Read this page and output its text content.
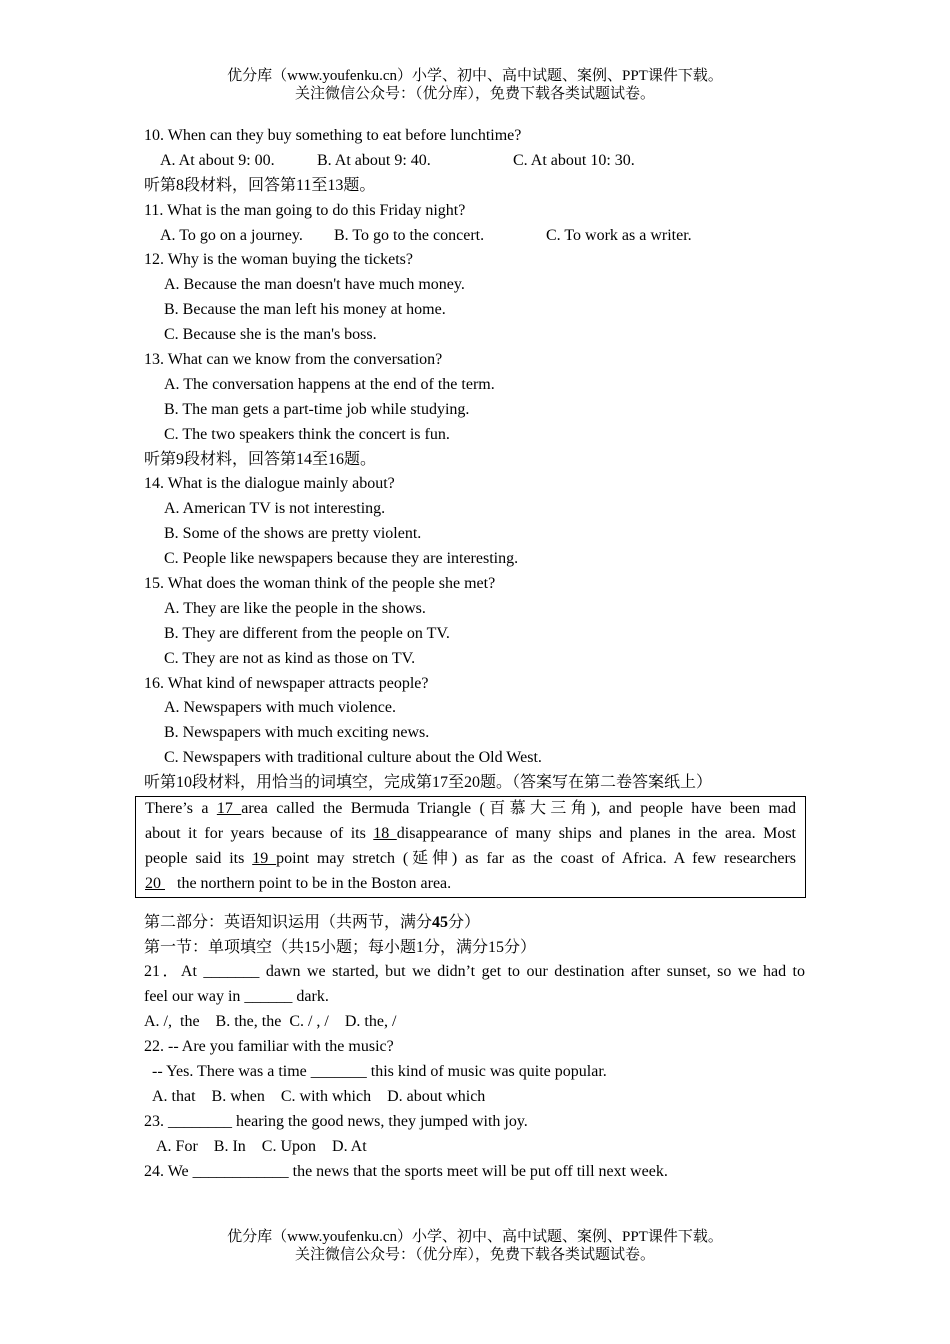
优分库（www.youfenku.cn）小学、初中、高中试题、案例、PPT课件下载。
关注微信公众号：（优分库），免费下载各类试题试卷。
10. When can they buy something to eat before lunchtime?
A. At about 9: 00.	B. At about 9: 40.	C. At about 10: 30.
听第8段材料，回答第11至13题。
11. What is the man going to do this Friday night?
A. To go on a journey. B. To go to the concert.	C. To work as a writer.
12. Why is the woman buying the tickets?
A. Because the man doesn't have much money.
B. Because the man left his money at home.
C. Because she is the man's boss.
13. What can we know from the conversation?
A. The conversation happens at the end of the term.
B. The man gets a part-time job while studying.
C. The two speakers think the concert is fun.
听第9段材料，回答第14至16题。
14. What is the dialogue mainly about?
A. American TV is not interesting.
B. Some of the shows are pretty violent.
C. People like newspapers because they are interesting.
15. What does the woman think of the people she met?
A. They are like the people in the shows.
B. They are different from the people on TV.
C. They are not as kind as those on TV.
16. What kind of newspaper attracts people?
A. Newspapers with much violence.
B. Newspapers with much exciting news.
C. Newspapers with traditional culture about the Old West.
听第10段材料，用恰当的词填空，完成第17至20题。（答案写在第二卷答案纸上）
There’s a 17 area called the Bermuda Triangle (百慕大三角), and people have been mad
about it for years because of its 18 disappearance of many ships and planes in the area. Most
people said its 19 point may stretch (延伸) as far as the coast of Africa. A few researchers
20    the northern point to be in the Boston area.
第二部分：英语知识运用（共两节，满分45分）
第一节：单项填空（共15小题；每小题1分，满分15分）
21．At _______ dawn we started, but we didn’t get to our destination after sunset, so we had to
feel our way in ______ dark.
A. /,  the    B. the, the  C. / , /    D. the, /
22. -- Are you familiar with the music?
-- Yes. There was a time _______ this kind of music was quite popular.
A. that    B. when    C. with which    D. about which
23. ________ hearing the good news, they jumped with joy.
A. For    B. In    C. Upon    D. At
24. We ____________ the news that the sports meet will be put off till next week.
优分库（www.youfenku.cn）小学、初中、高中试题、案例、PPT课件下载。
关注微信公众号：（优分库），免费下载各类试题试卷。
